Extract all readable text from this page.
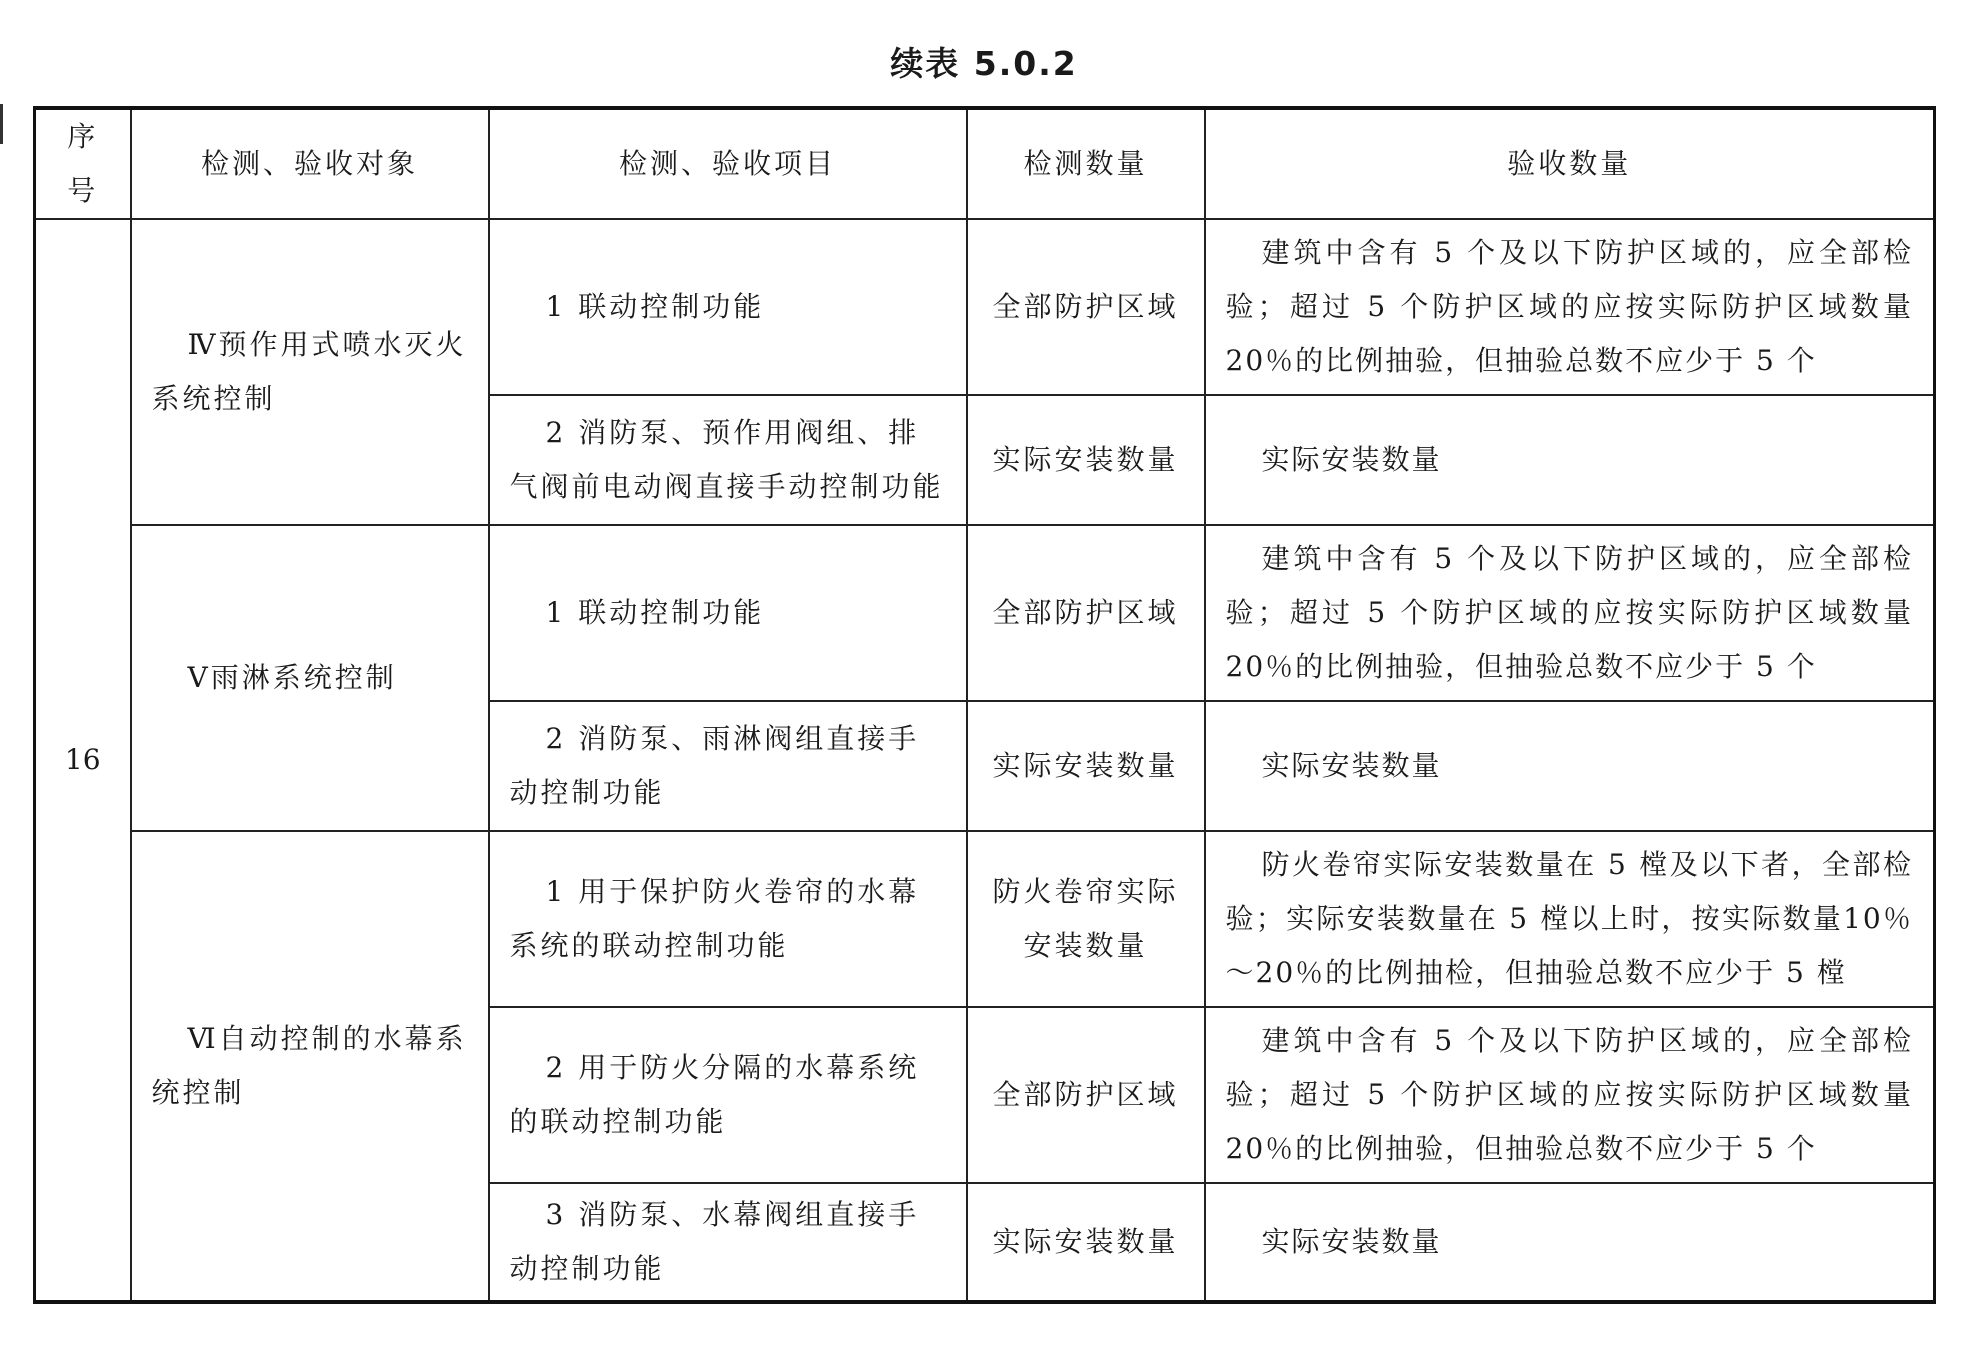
续表 5.0.2
序号	检测、验收对象	检测、验收项目	检测数量	验收数量
16	Ⅳ预作用式喷水灭火系统控制	1 联动控制功能	全部防护区域	建筑中含有 5 个及以下防护区域的，应全部检验；超过 5 个防护区域的应按实际防护区域数量 20％的比例抽验，但抽验总数不应少于 5 个

		2 消防泵、预作用阀组、排气阀前电动阀直接手动控制功能	实际安装数量	实际安装数量

	Ⅴ雨淋系统控制	1 联动控制功能	全部防护区域	建筑中含有 5 个及以下防护区域的，应全部检验；超过 5 个防护区域的应按实际防护区域数量 20％的比例抽验，但抽验总数不应少于 5 个

		2 消防泵、雨淋阀组直接手动控制功能	实际安装数量	实际安装数量

	Ⅵ自动控制的水幕系统控制	1 用于保护防火卷帘的水幕系统的联动控制功能	防火卷帘实际安装数量	防火卷帘实际安装数量在 5 樘及以下者，全部检验；实际安装数量在 5 樘以上时，按实际数量10％～20％的比例抽检，但抽验总数不应少于 5 樘

		2 用于防火分隔的水幕系统的联动控制功能	全部防护区域	建筑中含有 5 个及以下防护区域的，应全部检验；超过 5 个防护区域的应按实际防护区域数量 20％的比例抽验，但抽验总数不应少于 5 个

		3 消防泵、水幕阀组直接手动控制功能	实际安装数量	实际安装数量
